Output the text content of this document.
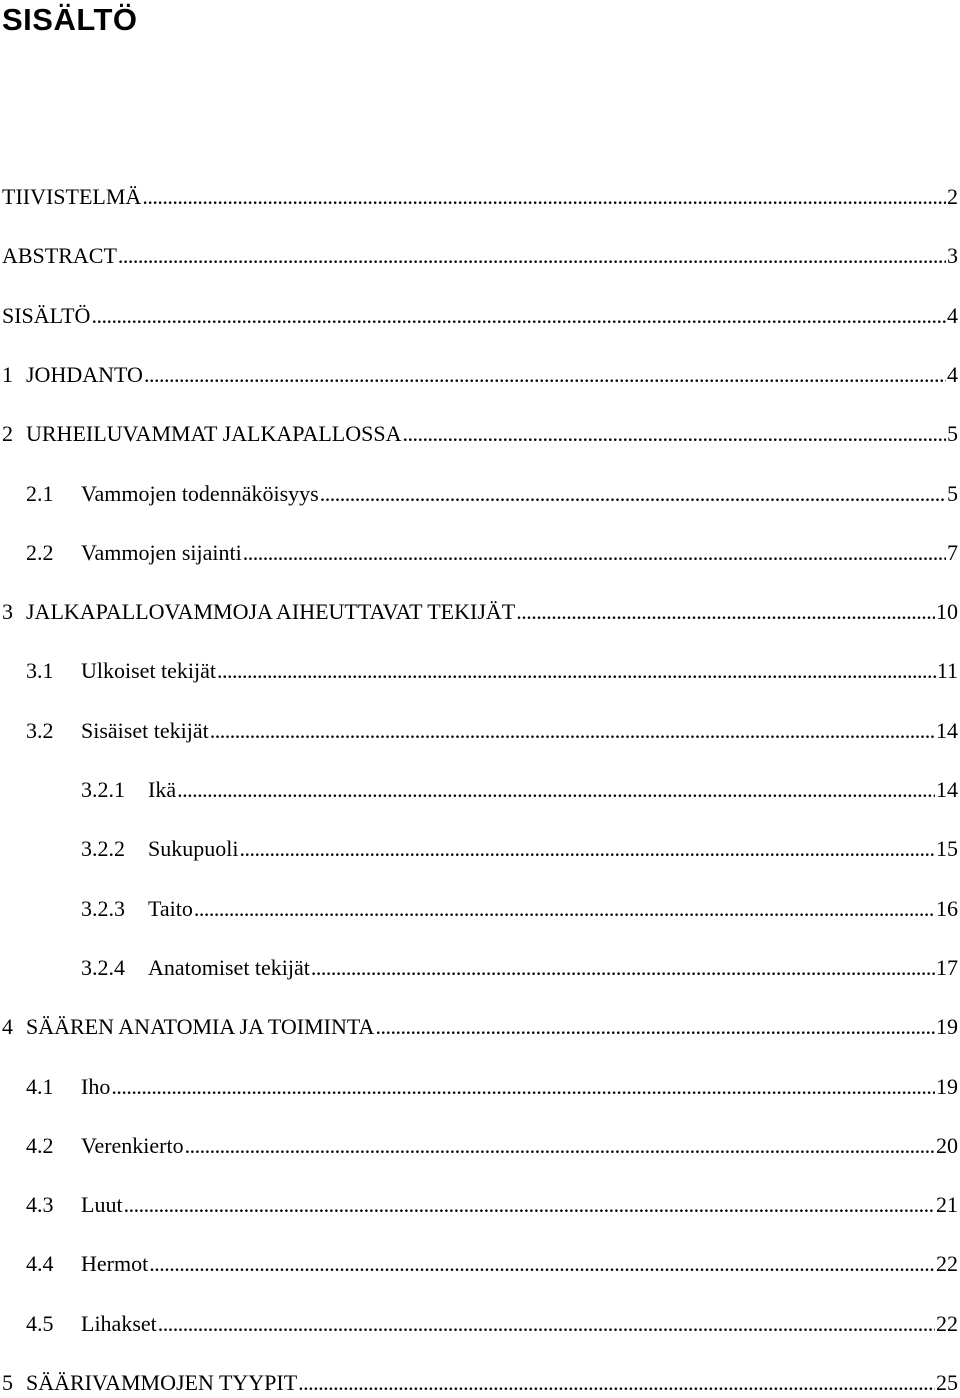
SISÄLTÖ
TIIVISTELMÄ .....	2
ABSTRACT .....	3
SISÄLTÖ .....	4
1 JOHDANTO .....	4
2 URHEILUVAMMAT JALKAPALLOSSA .....	5
2.1	Vammojen todennäköisyys .....	5
2.2	Vammojen sijainti .....	7
3 JALKAPALLOVAMMOJA AIHEUTTAVAT TEKIJÄT .....	10
3.1	Ulkoiset tekijät .....	11
3.2	Sisäiset tekijät .....	14
3.2.1	Ikä .....	14
3.2.2	Sukupuoli .....	15
3.2.3	Taito .....	16
3.2.4	Anatomiset tekijät .....	17
4 SÄÄREN ANATOMIA JA TOIMINTA .....	19
4.1	Iho .....	19
4.2	Verenkierto .....	20
4.3	Luut .....	21
4.4	Hermot .....	22
4.5	Lihakset .....	22
5 SÄÄRIVAMMOJEN TYYPIT .....	25
